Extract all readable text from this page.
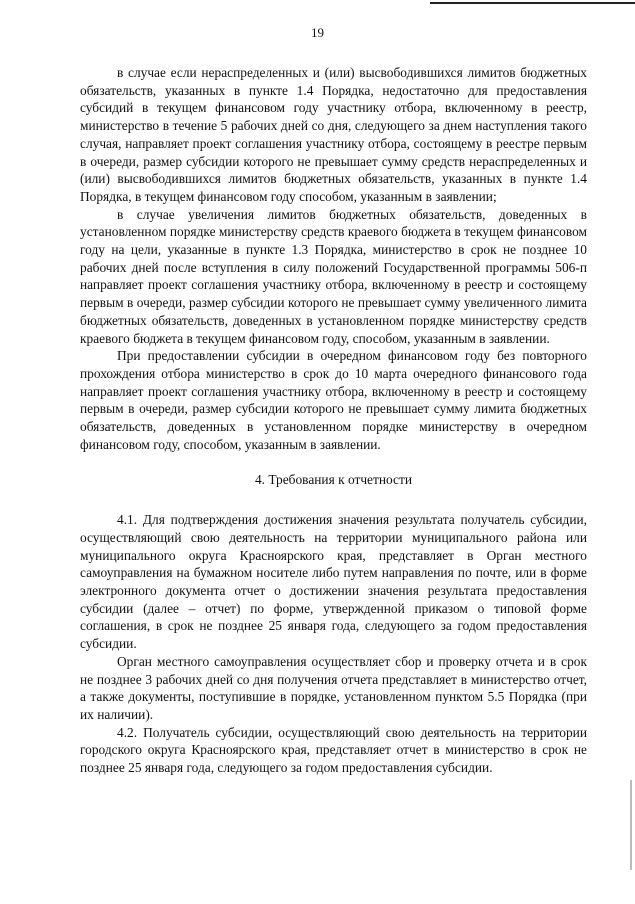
19

в случае если нераспределенных и (или) высвободившихся лимитов бюджетных обязательств, указанных в пункте 1.4 Порядка, недостаточно для предоставления субсидий в текущем финансовом году участнику отбора, включенному в реестр, министерство в течение 5 рабочих дней со дня, следующего за днем наступления такого случая, направляет проект соглашения участнику отбора, состоящему в реестре первым в очереди, размер субсидии которого не превышает сумму средств нераспределенных и (или) высвободившихся лимитов бюджетных обязательств, указанных в пункте 1.4 Порядка, в текущем финансовом году способом, указанным в заявлении;

в случае увеличения лимитов бюджетных обязательств, доведенных в установленном порядке министерству средств краевого бюджета в текущем финансовом году на цели, указанные в пункте 1.3 Порядка, министерство в срок не позднее 10 рабочих дней после вступления в силу положений Государственной программы 506-п направляет проект соглашения участнику отбора, включенному в реестр и состоящему первым в очереди, размер субсидии которого не превышает сумму увеличенного лимита бюджетных обязательств, доведенных в установленном порядке министерству средств краевого бюджета в текущем финансовом году, способом, указанным в заявлении.

При предоставлении субсидии в очередном финансовом году без повторного прохождения отбора министерство в срок до 10 марта очередного финансового года направляет проект соглашения участнику отбора, включенному в реестр и состоящему первым в очереди, размер субсидии которого не превышает сумму лимита бюджетных обязательств, доведенных в установленном порядке министерству в очередном финансовом году, способом, указанным в заявлении.

4. Требования к отчетности

4.1. Для подтверждения достижения значения результата получатель субсидии, осуществляющий свою деятельность на территории муниципального района или муниципального округа Красноярского края, представляет в Орган местного самоуправления на бумажном носителе либо путем направления по почте, или в форме электронного документа отчет о достижении значения результата предоставления субсидии (далее – отчет) по форме, утвержденной приказом о типовой форме соглашения, в срок не позднее 25 января года, следующего за годом предоставления субсидии.

Орган местного самоуправления осуществляет сбор и проверку отчета и в срок не позднее 3 рабочих дней со дня получения отчета представляет в министерство отчет, а также документы, поступившие в порядке, установленном пунктом 5.5 Порядка (при их наличии).

4.2. Получатель субсидии, осуществляющий свою деятельность на территории городского округа Красноярского края, представляет отчет в министерство в срок не позднее 25 января года, следующего за годом предоставления субсидии.
